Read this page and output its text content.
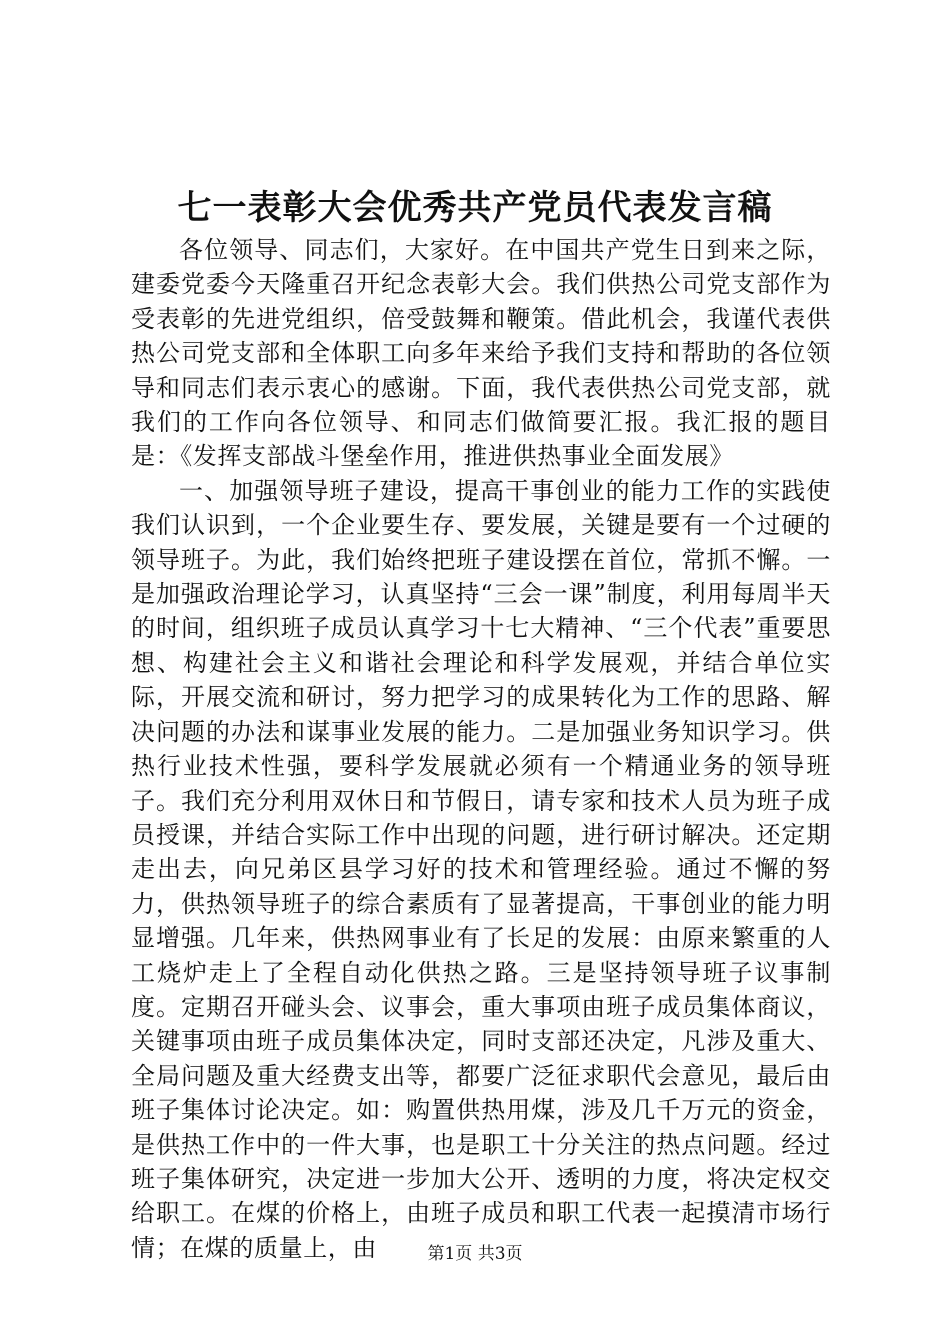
七一表彰大会优秀共产党员代表发言稿

各位领导、同志们，大家好。在中国共产党生日到来之际，建委党委今天隆重召开纪念表彰大会。我们供热公司党支部作为受表彰的先进党组织，倍受鼓舞和鞭策。借此机会，我谨代表供热公司党支部和全体职工向多年来给予我们支持和帮助的各位领导和同志们表示衷心的感谢。下面，我代表供热公司党支部，就我们的工作向各位领导、和同志们做简要汇报。我汇报的题目是：《发挥支部战斗堡垒作用，推进供热事业全面发展》

一、加强领导班子建设，提高干事创业的能力工作的实践使我们认识到，一个企业要生存、要发展，关键是要有一个过硬的领导班子。为此，我们始终把班子建设摆在首位，常抓不懈。一是加强政治理论学习，认真坚持“三会一课”制度，利用每周半天的时间，组织班子成员认真学习十七大精神、“三个代表”重要思想、构建社会主义和谐社会理论和科学发展观，并结合单位实际，开展交流和研讨，努力把学习的成果转化为工作的思路、解决问题的办法和谋事业发展的能力。二是加强业务知识学习。供热行业技术性强，要科学发展就必须有一个精通业务的领导班子。我们充分利用双休日和节假日，请专家和技术人员为班子成员授课，并结合实际工作中出现的问题，进行研讨解决。还定期走出去，向兄弟区县学习好的技术和管理经验。通过不懈的努力，供热领导班子的综合素质有了显著提高，干事创业的能力明显增强。几年来，供热网事业有了长足的发展：由原来繁重的人工烧炉走上了全程自动化供热之路。三是坚持领导班子议事制度。定期召开碰头会、议事会，重大事项由班子成员集体商议，关键事项由班子成员集体决定，同时支部还决定，凡涉及重大、全局问题及重大经费支出等，都要广泛征求职代会意见，最后由班子集体讨论决定。如：购置供热用煤，涉及几千万元的资金，是供热工作中的一件大事，也是职工十分关注的热点问题。经过班子集体研究，决定进一步加大公开、透明的力度，将决定权交给职工。在煤的价格上，由班子成员和职工代表一起摸清市场行情；在煤的质量上，由	第1页 共3页
